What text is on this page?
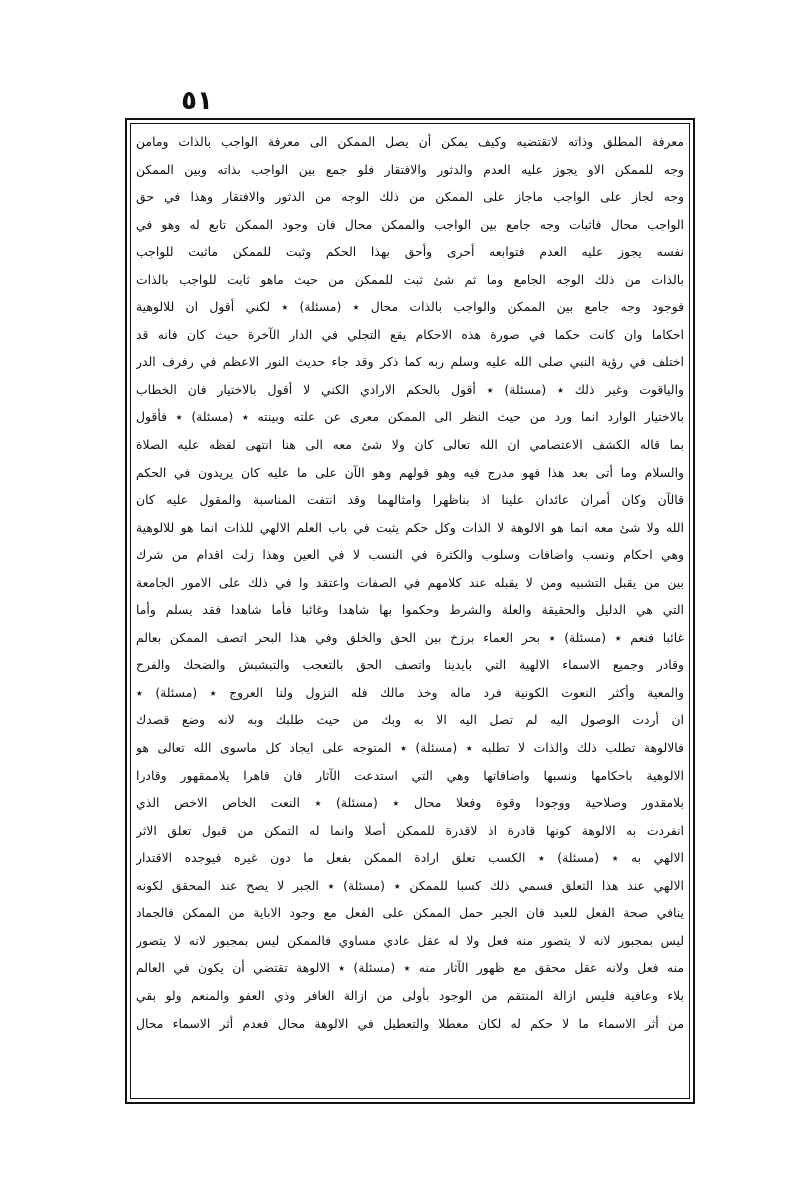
٥١
معرفة المطلق وذاته لاتقتضيه وكيف يمكن أن يصل الممكن الى معرفة الواجب بالذات ومامن
وجه للممكن الاو يجوز عليه العدم والدثور والافتقار فلو جمع بين الواجب بذاته وبين الممكن
وجه لجاز على الواجب ماجاز على الممكن من ذلك الوجه من الدثور والافتقار وهذا في حق
الواجب محال فاثبات وجه جامع بين الواجب والممكن محال فان وجود الممكن تابع له وهو في
نفسه يجوز عليه العدم فتوابعه أحرى وأحق بهذا الحكم وثبت للممكن ماثبت للواجب
بالذات من ذلك الوجه الجامع وما ثم شئ ثبت للممكن من حيث ماهو ثابت للواجب بالذات
فوجود وجه جامع بين الممكن والواجب بالذات محال ٭ (مسئلة) ٭ لكني أقول ان للالوهية
احكاما وان كانت حكما في صورة هذه الاحكام يقع التجلي في الدار الآخرة حيث كان فانه قد
اختلف في رؤية النبي صلى الله عليه وسلم ربه كما ذكر وقد جاء حديث النور الاعظم في رفرف الدر
والياقوت وغير ذلك ٭ (مسئلة) ٭ أقول بالحكم الارادي الكني لا أقول بالاختيار فان الخطاب
بالاختيار الوارد انما ورد من حيث النظر الى الممكن معرى عن علته وبينته ٭ (مسئلة) ٭ فأقول
بما قاله الكشف الاعتصامي ان الله تعالى كان ولا شئ معه الى هنا انتهى لفظه عليه الصلاة
والسلام وما أتى بعد هذا فهو مدرج فيه وهو قولهم وهو الآن على ما عليه كان يريدون في الحكم
قالآن وكان أمران عائدان علينا اذ بناظهرا وامثالهما وقد انتفت المناسبة والمقول عليه كان
الله ولا شئ معه انما هو الالوهة لا الذات وكل حكم يثبت في باب العلم الالهي للذات انما هو للالوهية
وهي احكام ونسب واضافات وسلوب والكثرة في النسب لا في العين وهذا زلت اقدام من شرك
بين من يقبل التشبيه ومن لا يقبله عند كلامهم في الصفات واعتقد وا في ذلك على الامور الجامعة
التي هي الدليل والحقيقة والعلة والشرط وحكموا بها شاهدا وغائبا فأما شاهدا فقد يسلم وأما
غائبا فنعم ٭ (مسئلة) ٭ بحر العماء برزخ بين الحق والخلق وفي هذا البحر اتصف الممكن بعالم
وقادر وجميع الاسماء الالهية التي بايدينا واتصف الحق بالتعجب والتبشبش والضحك والفرح
والمعية وأكثر النعوت الكونية فرد ماله وخذ مالك فله النزول ولنا العروج ٭ (مسئلة) ٭
ان أردت الوصول اليه لم تصل اليه الا به وبك من حيث طلبك وبه لانه وضع قصدك
فالالوهة تطلب ذلك والذات لا تطلبه ٭ (مسئلة) ٭ المتوجه على ايجاد كل ماسوى الله تعالى هو
الالوهية باحكامها ونسبها واضافاتها وهي التي استدعت الآثار فان قاهرا يلاممقهور وقادرا
بلامقدور وصلاحية ووجودا وقوة وفعلا محال ٭ (مسئلة) ٭ النعت الخاص الاخص الذي
انفردت به الالوهة كونها قادرة اذ لاقدرة للممكن أصلا وانما له التمكن من قبول تعلق الاثر
الالهي به ٭ (مسئلة) ٭ الكسب تعلق ارادة الممكن بفعل ما دون غيره فيوجده الاقتدار
الالهي عند هذا التعلق فسمي ذلك كسبا للممكن ٭ (مسئلة) ٭ الجبر لا يصح عند المحقق لكونه
ينافي صحة الفعل للعبد فان الجبر حمل الممكن على الفعل مع وجود الاباية من الممكن فالجماد
ليس بمجبور لانه لا يتصور منه فعل ولا له عقل عادي مساوي فالممكن ليس بمجبور لانه لا يتصور
منه فعل ولانه عقل محقق مع ظهور الآثار منه ٭ (مسئلة) ٭ الالوهة تقتضي أن يكون في العالم
بلاء وعافية فليس ازالة المنتقم من الوجود بأولى من ازالة الغافر وذي العفو والمنعم ولو بقي
من أثر الاسماء ما لا حكم له لكان معطلا والتعطيل في الالوهة محال فعدم أثر الاسماء محال
